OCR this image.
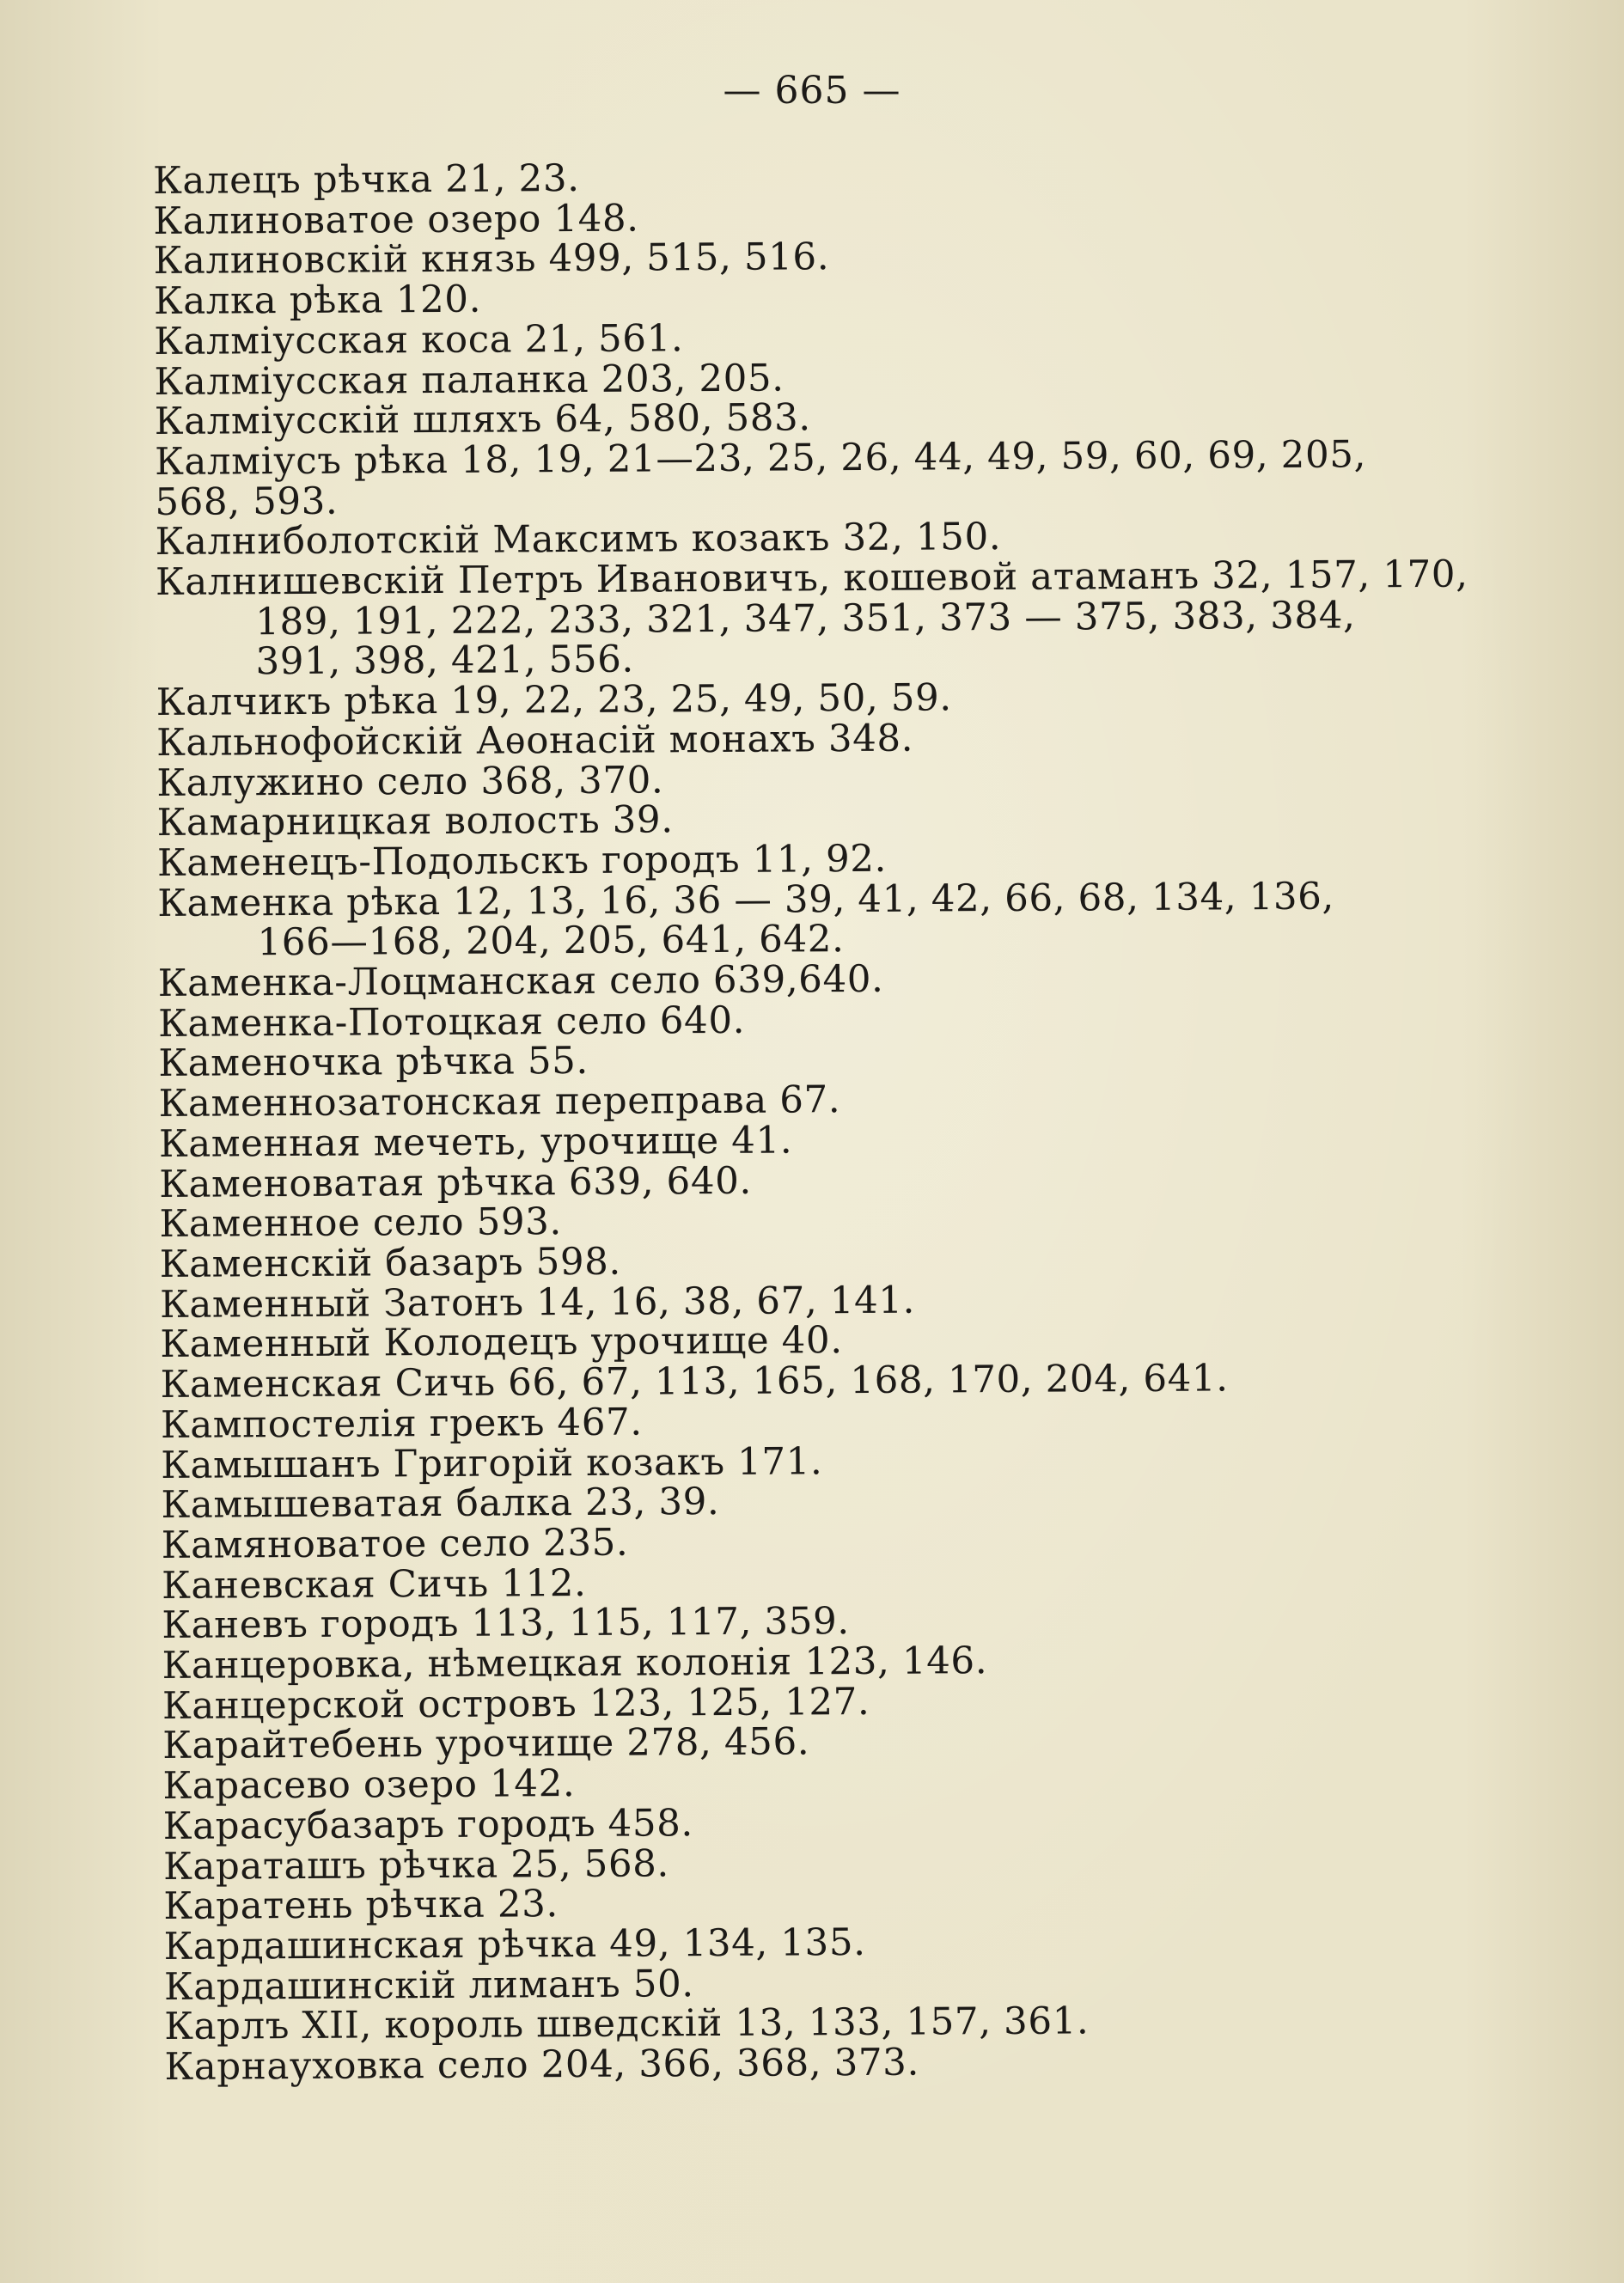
— 665 —
Калецъ рѣчка 21, 23.
Калиноватое озеро 148.
Калиновскій князь 499, 515, 516.
Калка рѣка 120.
Калміусская коса 21, 561.
Калміусская паланка 203, 205.
Калміусскій шляхъ 64, 580, 583.
Калміусъ рѣка 18, 19, 21—23, 25, 26, 44, 49, 59, 60, 69, 205,
568, 593.
Калниболотскій Максимъ козакъ 32, 150.
Калнишевскій Петръ Ивановичъ, кошевой атаманъ 32, 157, 170,
189, 191, 222, 233, 321, 347, 351, 373 — 375, 383, 384,
391, 398, 421, 556.
Калчикъ рѣка 19, 22, 23, 25, 49, 50, 59.
Кальнофойскій Аѳонасій монахъ 348.
Калужино село 368, 370.
Камарницкая волость 39.
Каменецъ-Подольскъ городъ 11, 92.
Каменка рѣка 12, 13, 16, 36 — 39, 41, 42, 66, 68, 134, 136,
166—168, 204, 205, 641, 642.
Каменка-Лоцманская село 639,640.
Каменка-Потоцкая село 640.
Каменочка рѣчка 55.
Каменнозатонская переправа 67.
Каменная мечеть, урочище 41.
Каменоватая рѣчка 639, 640.
Каменное село 593.
Каменскій базаръ 598.
Каменный Затонъ 14, 16, 38, 67, 141.
Каменный Колодецъ урочище 40.
Каменская Сичь 66, 67, 113, 165, 168, 170, 204, 641.
Кампостелія грекъ 467.
Камышанъ Григорій козакъ 171.
Камышеватая балка 23, 39.
Камяноватое село 235.
Каневская Сичь 112.
Каневъ городъ 113, 115, 117, 359.
Канцеровка, нѣмецкая колонія 123, 146.
Канцерской островъ 123, 125, 127.
Карайтебень урочище 278, 456.
Карасево озеро 142.
Карасубазаръ городъ 458.
Караташъ рѣчка 25, 568.
Каратень рѣчка 23.
Кардашинская рѣчка 49, 134, 135.
Кардашинскій лиманъ 50.
Карлъ XII, король шведскій 13, 133, 157, 361.
Карнауховка село 204, 366, 368, 373.
